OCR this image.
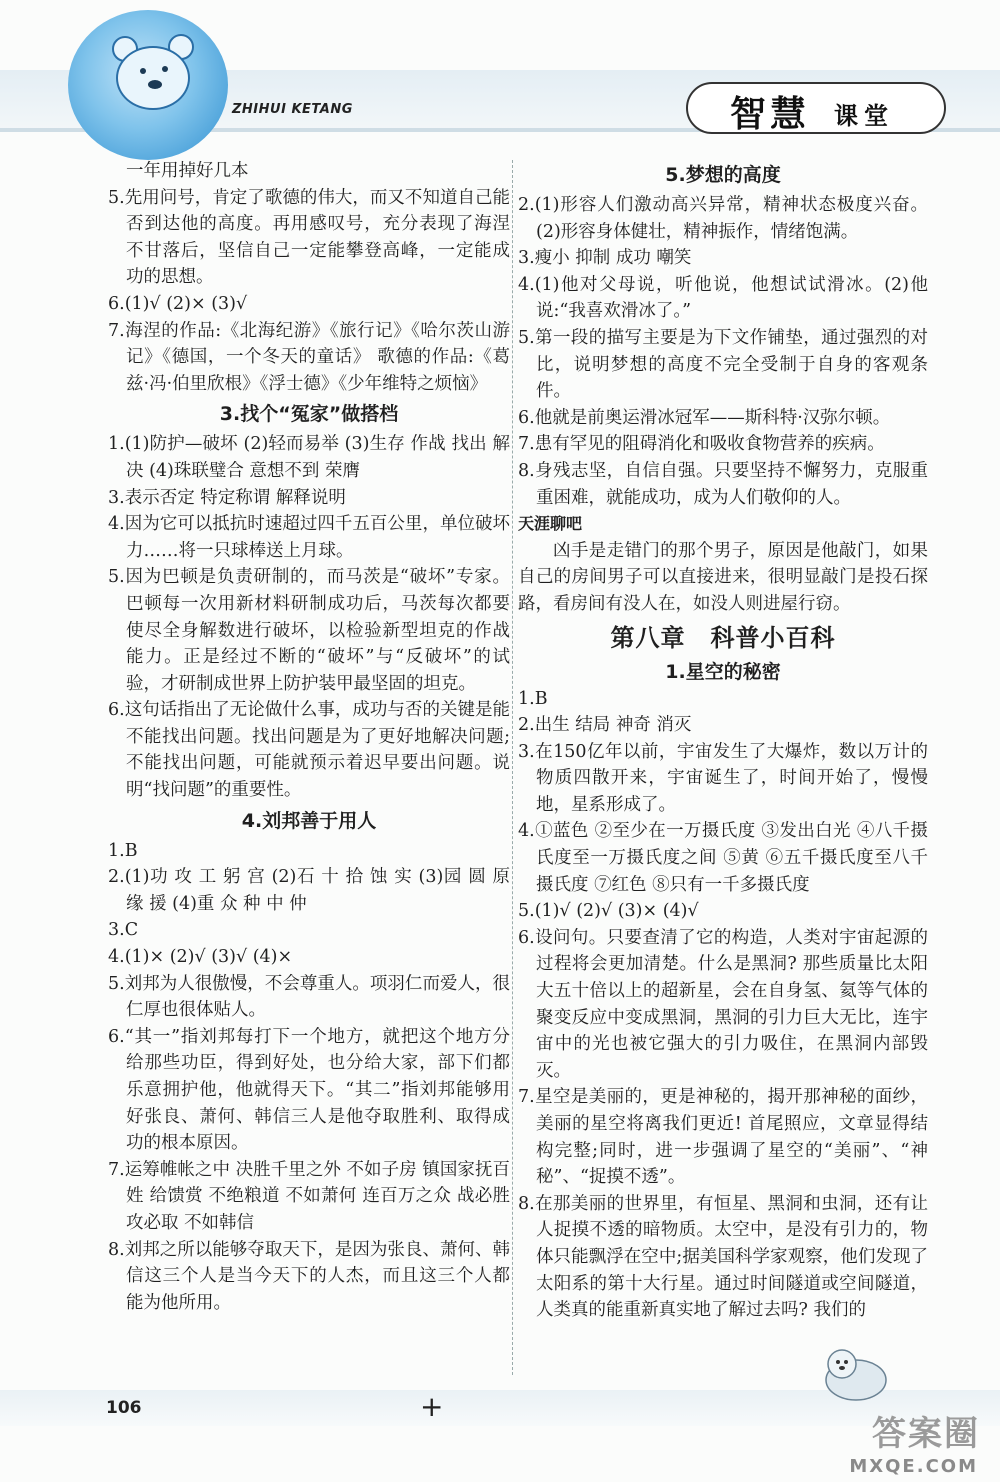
ZHIHUI KETANG	智慧 课堂

一年用掉好几本

5.先用问号，肯定了歌德的伟大，而又不知道自己能否到达他的高度。再用感叹号，充分表现了海涅不甘落后，坚信自己一定能攀登高峰，一定能成功的思想。

6.(1)√ (2)× (3)√

7.海涅的作品:《北海纪游》《旅行记》《哈尔茨山游记》《德国，一个冬天的童话》 歌德的作品:《葛兹·冯·伯里欣根》《浮士德》《少年维特之烦恼》

3.找个“冤家”做搭档

1.(1)防护—破坏 (2)轻而易举 (3)生存 作战 找出 解决 (4)珠联璧合 意想不到 荣膺

3.表示否定 特定称谓 解释说明

4.因为它可以抵抗时速超过四千五百公里，单位破坏力……将一只球棒送上月球。

5.因为巴顿是负责研制的，而马茨是“破坏”专家。巴顿每一次用新材料研制成功后，马茨每次都要使尽全身解数进行破坏，以检验新型坦克的作战能力。正是经过不断的“破坏”与“反破坏”的试验，才研制成世界上防护装甲最坚固的坦克。

6.这句话指出了无论做什么事，成功与否的关键是能不能找出问题。找出问题是为了更好地解决问题;不能找出问题，可能就预示着迟早要出问题。说明“找问题”的重要性。

4.刘邦善于用人

1.B

2.(1)功 攻 工 躬 宫 (2)石 十 拾 蚀 实 (3)园 圆 原 缘 援 (4)重 众 种 中 仲

3.C

4.(1)× (2)√ (3)√ (4)×

5.刘邦为人很傲慢，不会尊重人。项羽仁而爱人，很仁厚也很体贴人。

6.“其一”指刘邦每打下一个地方，就把这个地方分给那些功臣，得到好处，也分给大家，部下们都乐意拥护他，他就得天下。“其二”指刘邦能够用好张良、萧何、韩信三人是他夺取胜利、取得成功的根本原因。

7.运筹帷帐之中 决胜千里之外 不如子房 镇国家抚百姓 给馈赏 不绝粮道 不如萧何 连百万之众 战必胜 攻必取 不如韩信

8.刘邦之所以能够夺取天下，是因为张良、萧何、韩信这三个人是当今天下的人杰，而且这三个人都能为他所用。

5.梦想的高度

2.(1)形容人们激动高兴异常，精神状态极度兴奋。(2)形容身体健壮，精神振作，情绪饱满。

3.瘦小 抑制 成功 嘲笑

4.(1)他对父母说，听他说，他想试试滑冰。(2)他说:“我喜欢滑冰了。”

5.第一段的描写主要是为下文作铺垫，通过强烈的对比，说明梦想的高度不完全受制于自身的客观条件。

6.他就是前奥运滑冰冠军——斯科特·汉弥尔顿。

7.患有罕见的阻碍消化和吸收食物营养的疾病。

8.身残志坚，自信自强。只要坚持不懈努力，克服重重困难，就能成功，成为人们敬仰的人。

天涯聊吧

凶手是走错门的那个男子，原因是他敲门，如果自己的房间男子可以直接进来，很明显敲门是投石探路，看房间有没人在，如没人则进屋行窃。

第八章　科普小百科

1.星空的秘密

1.B

2.出生 结局 神奇 消灭

3.在150亿年以前，宇宙发生了大爆炸，数以万计的物质四散开来，宇宙诞生了，时间开始了，慢慢地，星系形成了。

4.①蓝色 ②至少在一万摄氏度 ③发出白光 ④八千摄氏度至一万摄氏度之间 ⑤黄 ⑥五千摄氏度至八千摄氏度 ⑦红色 ⑧只有一千多摄氏度

5.(1)√ (2)√ (3)× (4)√

6.设问句。只要查清了它的构造，人类对宇宙起源的过程将会更加清楚。什么是黑洞? 那些质量比太阳大五十倍以上的超新星，会在自身氢、氦等气体的聚变反应中变成黑洞，黑洞的引力巨大无比，连宇宙中的光也被它强大的引力吸住，在黑洞内部毁灭。

7.星空是美丽的，更是神秘的，揭开那神秘的面纱，美丽的星空将离我们更近! 首尾照应，文章显得结构完整;同时，进一步强调了星空的“美丽”、“神秘”、“捉摸不透”。

8.在那美丽的世界里，有恒星、黑洞和虫洞，还有让人捉摸不透的暗物质。太空中，是没有引力的，物体只能飘浮在空中;据美国科学家观察，他们发现了太阳系的第十大行星。通过时间隧道或空间隧道，人类真的能重新真实地了解过去吗? 我们的

106	+
答案圈
MXQE.COM
